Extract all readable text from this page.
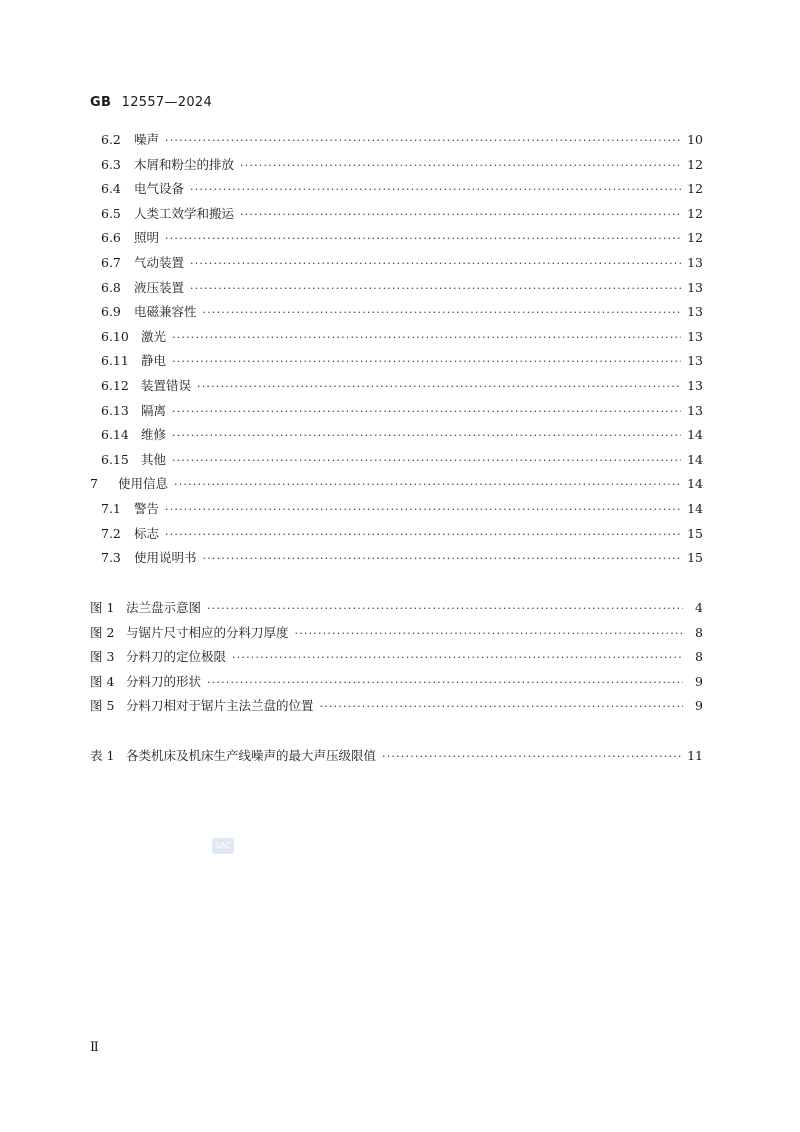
GB 12557—2024
6.2	噪声 ·····	10
6.3	木屑和粉尘的排放 ·····	12
6.4	电气设备 ·····	12
6.5	人类工效学和搬运 ·····	12
6.6	照明 ·····	12
6.7	气动装置 ·····	13
6.8	液压装置 ·····	13
6.9	电磁兼容性 ·····	13
6.10 激光 ·····	13
6.11 静电 ·····	13
6.12 装置错误 ·····	13
6.13 隔离 ·····	13
6.14 维修 ·····	14
6.15 其他 ·····	14
7	使用信息 ·····	14
7.1	警告 ·····	14
7.2	标志 ·····	15
7.3	使用说明书 ·····	15
图 1 法兰盘示意图 ·····	4
图 2 与锯片尺寸相应的分料刀厚度 ·····	8
图 3 分料刀的定位极限 ·····	8
图 4 分料刀的形状 ·····	9
图 5 分料刀相对于锯片主法兰盘的位置 ·····	9
表 1 各类机床及机床生产线噪声的最大声压级限值 ·····	11
SAC
Ⅱ
